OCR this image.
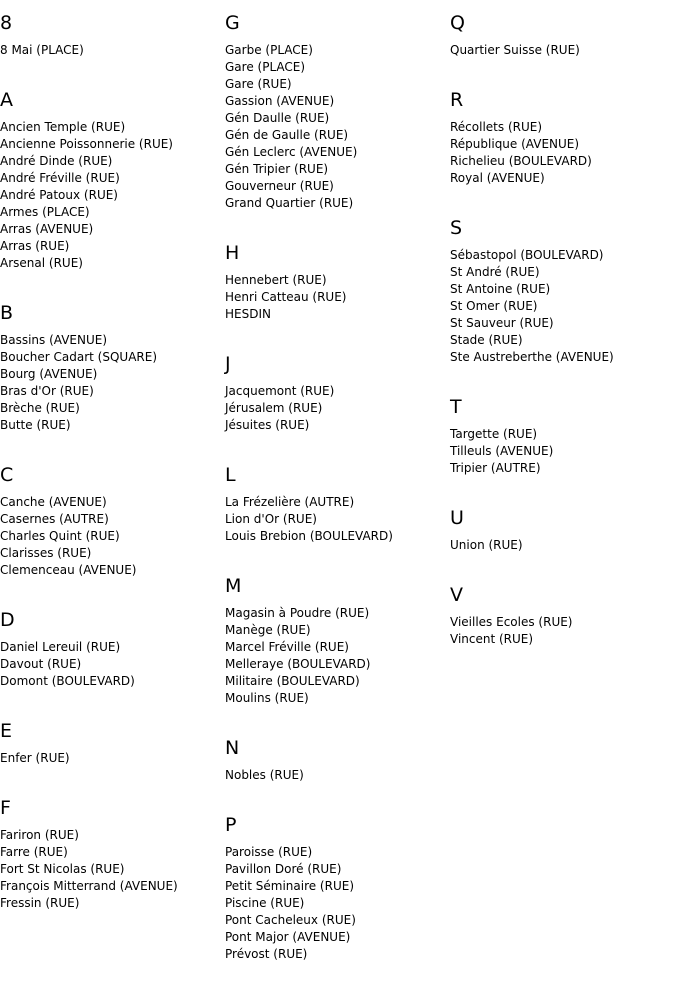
8
8 Mai (PLACE)
A
Ancien Temple (RUE)
Ancienne Poissonnerie (RUE)
André Dinde (RUE)
André Fréville (RUE)
André Patoux (RUE)
Armes (PLACE)
Arras (AVENUE)
Arras (RUE)
Arsenal (RUE)
B
Bassins (AVENUE)
Boucher Cadart (SQUARE)
Bourg (AVENUE)
Bras d'Or (RUE)
Brèche (RUE)
Butte (RUE)
C
Canche (AVENUE)
Casernes (AUTRE)
Charles Quint (RUE)
Clarisses (RUE)
Clemenceau (AVENUE)
D
Daniel Lereuil (RUE)
Davout (RUE)
Domont (BOULEVARD)
E
Enfer (RUE)
F
Fariron (RUE)
Farre (RUE)
Fort St Nicolas (RUE)
François Mitterrand (AVENUE)
Fressin (RUE)
G
Garbe (PLACE)
Gare (PLACE)
Gare (RUE)
Gassion (AVENUE)
Gén Daulle (RUE)
Gén de Gaulle (RUE)
Gén Leclerc (AVENUE)
Gén Tripier (RUE)
Gouverneur (RUE)
Grand Quartier (RUE)
H
Hennebert (RUE)
Henri Catteau (RUE)
HESDIN
J
Jacquemont (RUE)
Jérusalem (RUE)
Jésuites (RUE)
L
La Frézelière (AUTRE)
Lion d'Or (RUE)
Louis Brebion (BOULEVARD)
M
Magasin à Poudre (RUE)
Manège (RUE)
Marcel Fréville (RUE)
Melleraye (BOULEVARD)
Militaire (BOULEVARD)
Moulins (RUE)
N
Nobles (RUE)
P
Paroisse (RUE)
Pavillon Doré (RUE)
Petit Séminaire (RUE)
Piscine (RUE)
Pont Cacheleux (RUE)
Pont Major (AVENUE)
Prévost (RUE)
Q
Quartier Suisse (RUE)
R
Récollets (RUE)
République (AVENUE)
Richelieu (BOULEVARD)
Royal (AVENUE)
S
Sébastopol (BOULEVARD)
St André (RUE)
St Antoine (RUE)
St Omer (RUE)
St Sauveur (RUE)
Stade (RUE)
Ste Austreberthe (AVENUE)
T
Targette (RUE)
Tilleuls (AVENUE)
Tripier (AUTRE)
U
Union (RUE)
V
Vieilles Ecoles (RUE)
Vincent (RUE)
